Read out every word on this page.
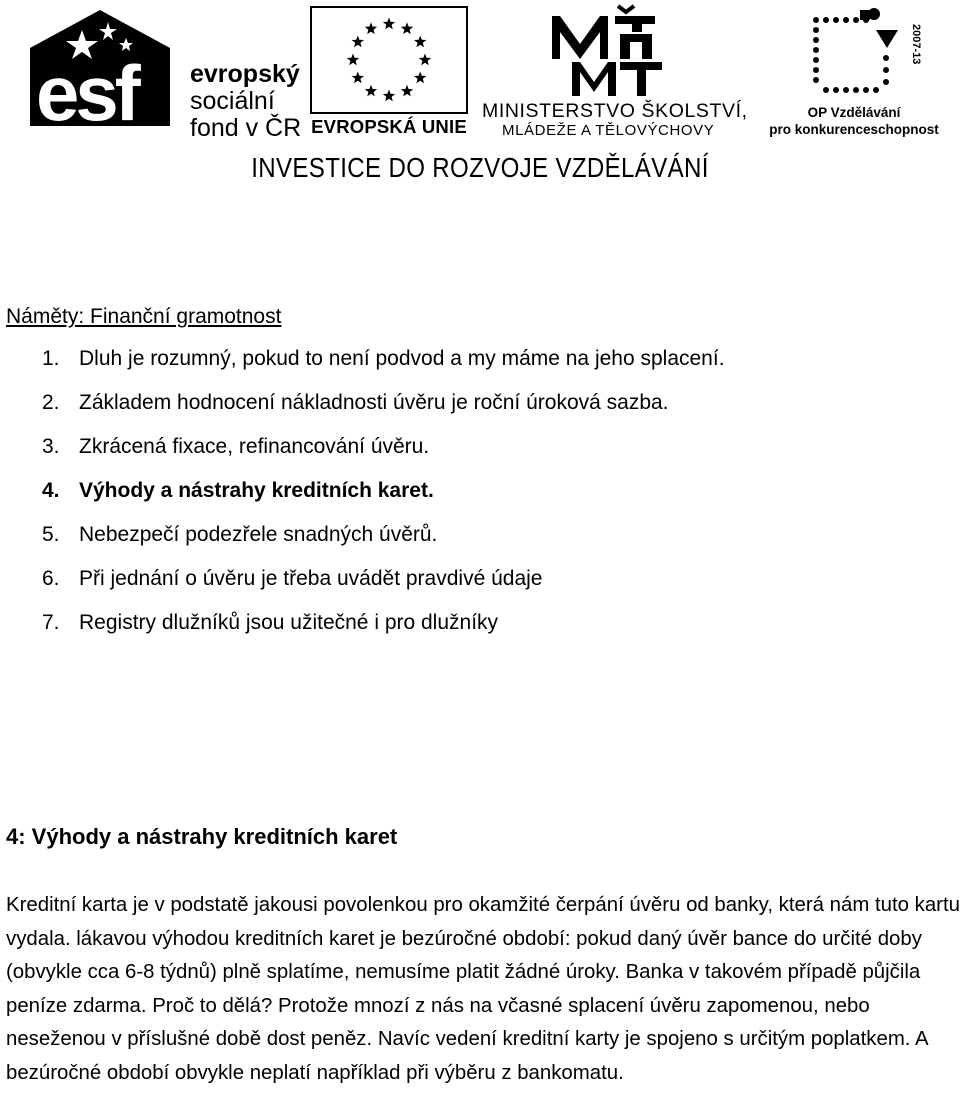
esf evropský
sociální
fond v ČR EVROPSKÁ UNIE
MINISTERSTVO ŠKOLSTVÍ,
MLÁDEŽE A TĚLOVÝCHOVY
2007-13
OP Vzdělávání
pro konkurenceschopnost
INVESTICE DO ROZVOJE VZDĚLÁVÁNÍ
Náměty: Finanční gramotnost
1. Dluh je rozumný, pokud to není podvod a my máme na jeho splacení.
2. Základem hodnocení nákladnosti úvěru je roční úroková sazba.
3. Zkrácená fixace, refinancování úvěru.
4. Výhody a nástrahy kreditních karet.
5. Nebezpečí podezřele snadných úvěrů.
6. Při jednání o úvěru je třeba uvádět pravdivé údaje
7. Registry dlužníků jsou užitečné i pro dlužníky
4: Výhody a nástrahy kreditních karet

Kreditní karta je v podstatě jakousi povolenkou pro okamžité čerpání úvěru od banky, která nám tuto kartu vydala. lákavou výhodou kreditních karet je bezúročné období: pokud daný úvěr bance do určité doby (obvykle cca 6-8 týdnů) plně splatíme, nemusíme platit žádné úroky. Banka v takovém případě půjčila peníze zdarma. Proč to dělá? Protože mnozí z nás na včasné splacení úvěru zapomenou, nebo neseženou v příslušné době dost peněz. Navíc vedení kreditní karty je spojeno s určitým poplatkem. A bezúročné období obvykle neplatí například při výběru z bankomatu.
